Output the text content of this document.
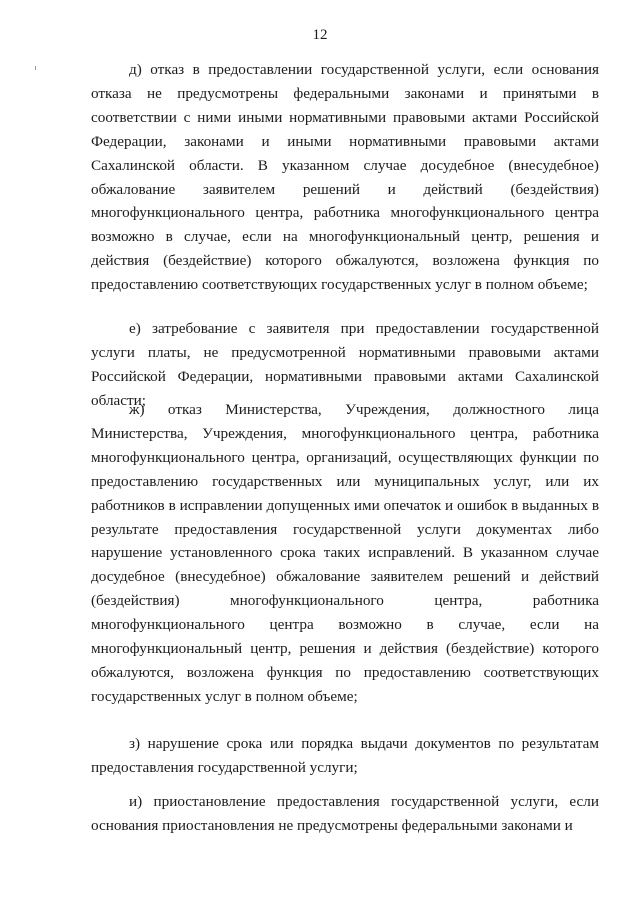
12

д) отказ в предоставлении государственной услуги, если основания отказа не предусмотрены федеральными законами и принятыми в соответствии с ними иными нормативными правовыми актами Российской Федерации, законами и иными нормативными правовыми актами Сахалинской области. В указанном случае досудебное (внесудебное) обжалование заявителем решений и действий (бездействия) многофункционального центра, работника многофункционального центра возможно в случае, если на многофункциональный центр, решения и действия (бездействие) которого обжалуются, возложена функция по предоставлению соответствующих государственных услуг в полном объеме;

е) затребование с заявителя при предоставлении государственной услуги платы, не предусмотренной нормативными правовыми актами Российской Федерации, нормативными правовыми актами Сахалинской области;

ж) отказ Министерства, Учреждения, должностного лица Министерства, Учреждения, многофункционального центра, работника многофункционального центра, организаций, осуществляющих функции по предоставлению государственных или муниципальных услуг, или их работников в исправлении допущенных ими опечаток и ошибок в выданных в результате предоставления государственной услуги документах либо нарушение установленного срока таких исправлений. В указанном случае досудебное (внесудебное) обжалование заявителем решений и действий (бездействия) многофункционального центра, работника многофункционального центра возможно в случае, если на многофункциональный центр, решения и действия (бездействие) которого обжалуются, возложена функция по предоставлению соответствующих государственных услуг в полном объеме;

з) нарушение срока или порядка выдачи документов по результатам предоставления государственной услуги;

и) приостановление предоставления государственной услуги, если основания приостановления не предусмотрены федеральными законами и
